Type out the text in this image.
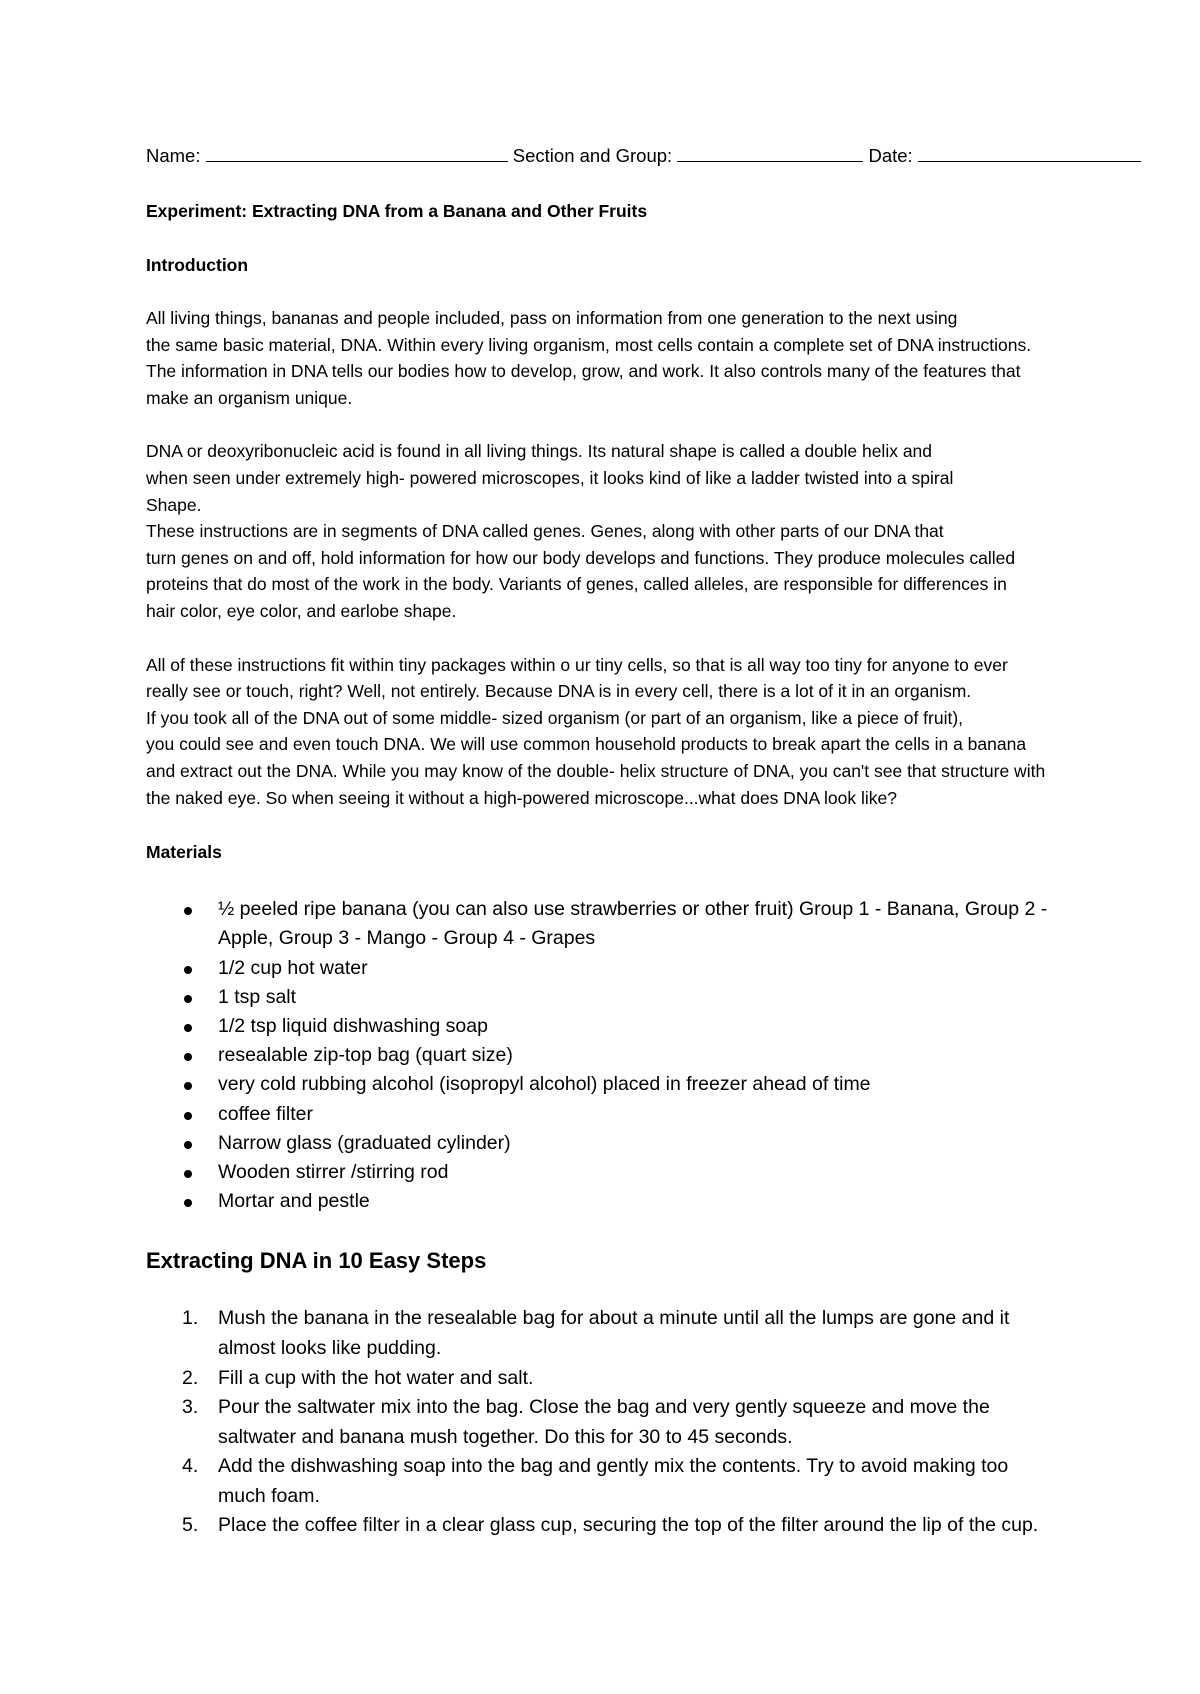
Name:	Section and Group:	Date:
Experiment: Extracting DNA from a Banana and Other Fruits
Introduction
All living things, bananas and people included, pass on information from one generation to the next using
the same basic material, DNA. Within every living organism, most cells contain a complete set of DNA instructions.
The information in DNA tells our bodies how to develop, grow, and work. It also controls many of the features that
make an organism unique.
DNA or deoxyribonucleic acid is found in all living things. Its natural shape is called a double helix and
when seen under extremely high- powered microscopes, it looks kind of like a ladder twisted into a spiral
Shape.
These instructions are in segments of DNA called genes. Genes, along with other parts of our DNA that
turn genes on and off, hold information for how our body develops and functions. They produce molecules called
proteins that do most of the work in the body. Variants of genes, called alleles, are responsible for differences in
hair color, eye color, and earlobe shape.
All of these instructions fit within tiny packages within o ur tiny cells, so that is all way too tiny for anyone to ever
really see or touch, right? Well, not entirely. Because DNA is in every cell, there is a lot of it in an organism.
If you took all of the DNA out of some middle- sized organism (or part of an organism, like a piece of fruit),
you could see and even touch DNA. We will use common household products to break apart the cells in a banana
and extract out the DNA. While you may know of the double- helix structure of DNA, you can't see that structure with
the naked eye. So when seeing it without a high-powered microscope...what does DNA look like?
Materials
½ peeled ripe banana (you can also use strawberries or other fruit) Group 1 - Banana, Group 2 -
Apple, Group 3 - Mango - Group 4 - Grapes
1/2 cup hot water
1 tsp salt
1/2 tsp liquid dishwashing soap
resealable zip-top bag (quart size)
very cold rubbing alcohol (isopropyl alcohol) placed in freezer ahead of time
coffee filter
Narrow glass (graduated cylinder)
Wooden stirrer /stirring rod
Mortar and pestle
Extracting DNA in 10 Easy Steps
1. Mush the banana in the resealable bag for about a minute until all the lumps are gone and it
almost looks like pudding.
2. Fill a cup with the hot water and salt.
3. Pour the saltwater mix into the bag. Close the bag and very gently squeeze and move the
saltwater and banana mush together. Do this for 30 to 45 seconds.
4. Add the dishwashing soap into the bag and gently mix the contents. Try to avoid making too
much foam.
5. Place the coffee filter in a clear glass cup, securing the top of the filter around the lip of the cup.
